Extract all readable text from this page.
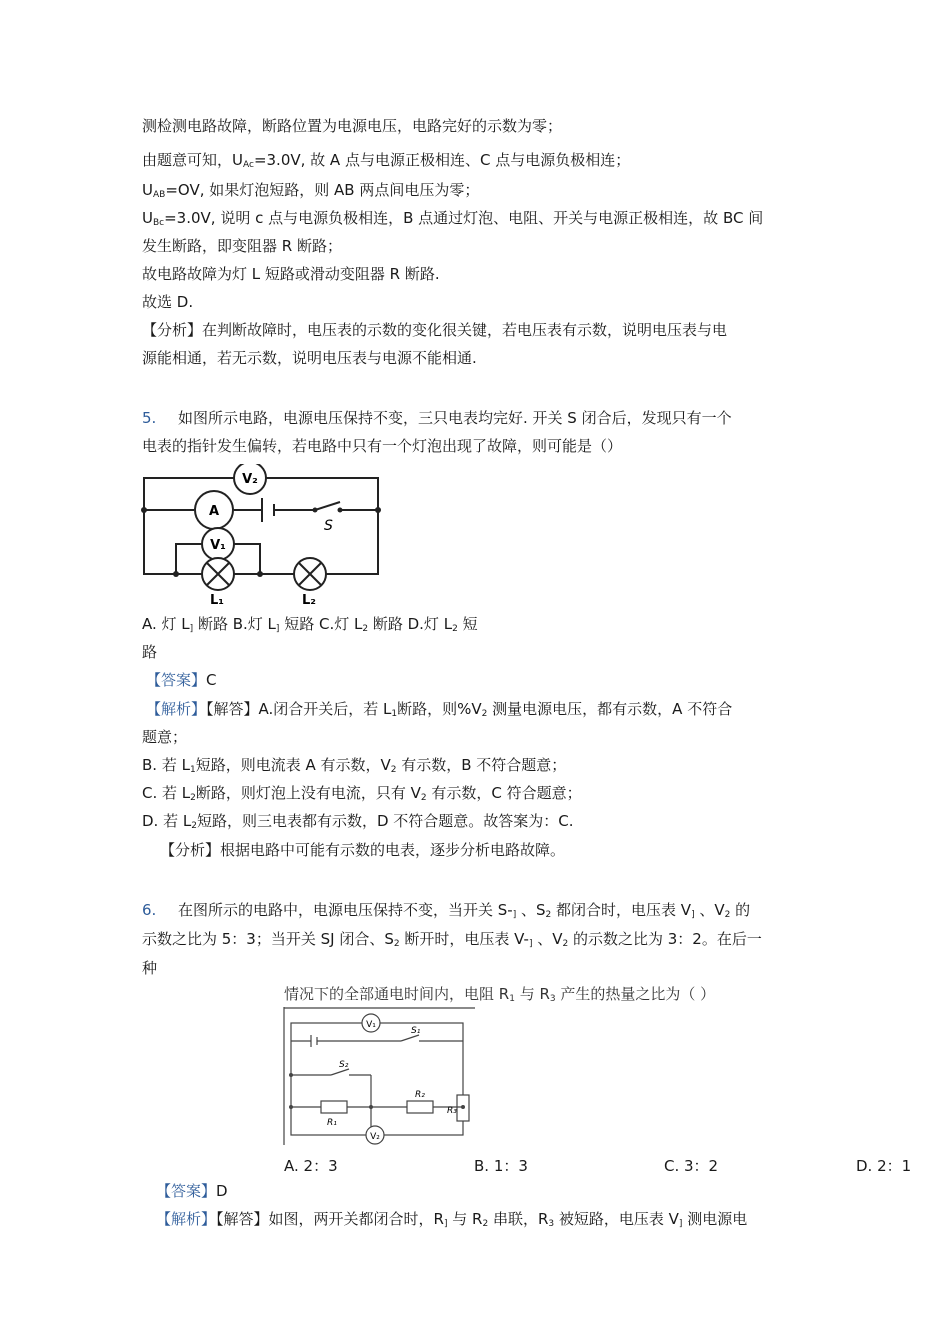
测检测电路故障，断路位置为电源电压，电路完好的示数为零；
由题意可知，$U_{Ac}=3.0V$, 故 A 点与电源正极相连、C 点与电源负极相连；
$U_{AB}=OV$, 如果灯泡短路，则 AB 两点间电压为零；
$U_{Bc}=3.0V$, 说明 c 点与电源负极相连，B 点通过灯泡、电阻、开关与电源正极相连，故 BC 间
发生断路，即变阻器 R 断路；
故电路故障为灯 L 短路或滑动变阻器 R 断路.
故选 D.
【分析】在判断故障时，电压表的示数的变化很关键，若电压表有示数，说明电压表与电
源能相通，若无示数，说明电压表与电源不能相通.
5. 如图所示电路，电源电压保持不变，三只电表均完好. 开关 S 闭合后，发现只有一个
电表的指针发生偏转，若电路中只有一个灯泡出现了故障，则可能是（）
V₂
A
V₁
S
L₁	L₂
A. 灯 $L_]$ 断路 B.灯 $L_]$ 短路 C.灯 $L_2$ 断路 D.灯 $L_2$ 短
路
【答案】C
【解析】【解答】A.闭合开关后，若 $L_1$断路，则$\%V_2$ 测量电源电压，都有示数，A 不符合
题意；
B. 若 $L_1$短路，则电流表 A 有示数，$V_2$ 有示数，B 不符合题意；
C. 若 $L_2$断路，则灯泡上没有电流，只有 $V_2$ 有示数，C 符合题意；
D. 若 $L_2$短路，则三电表都有示数，D 不符合题意。故答案为：C.
【分析】根据电路中可能有示数的电表，逐步分析电路故障。
6. 在图所示的电路中，电源电压保持不变，当开关 $S-_]$ 、$S_2$ 都闭合时，电压表 $V_]$ 、$V_2$ 的
示数之比为 5：3；当开关 SJ 闭合、$S_2$ 断开时，电压表 $V-_]$ 、$V_2$ 的示数之比为 3：2。在后一
种
情况下的全部通电时间内，电阻 $R_1$ 与 $R_3$ 产生的热量之比为（ ）
V₁
S₁
S₂
R₁
R₂
R₃
V₂
A. 2：3	B. 1：3	C. 3：2	D. 2：1
【答案】D
【解析】【解答】如图，两开关都闭合时，$R_]$ 与 $R_2$ 串联，$R_3$ 被短路，电压表 $V_]$ 测电源电
